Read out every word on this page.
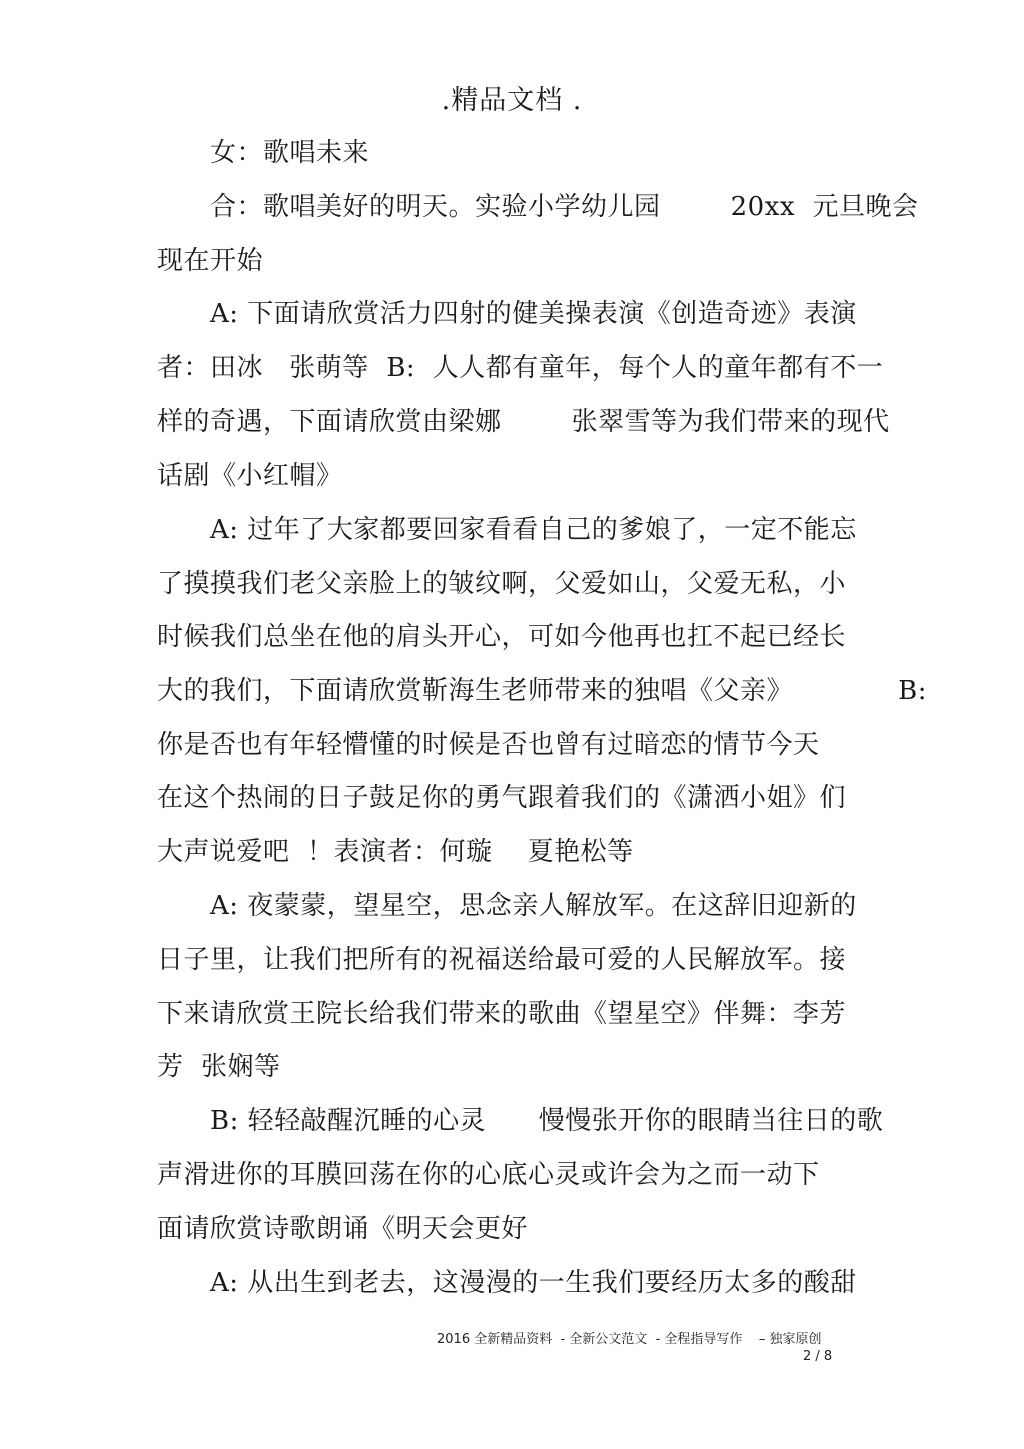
.精品文档 .
女：歌唱未来
合：歌唱美好的明天。实验小学幼儿园        20xx  元旦晚会
现在开始
A: 下面请欣赏活力四射的健美操表演《创造奇迹》表演
者：田冰   张萌等  B:  人人都有童年，每个人的童年都有不一
样的奇遇，下面请欣赏由梁娜        张翠雪等为我们带来的现代
话剧《小红帽》
A: 过年了大家都要回家看看自己的爹娘了，一定不能忘
了摸摸我们老父亲脸上的皱纹啊，父爱如山，父爱无私，小
时候我们总坐在他的肩头开心，可如今他再也扛不起已经长
大的我们，下面请欣赏靳海生老师带来的独唱《父亲》            B:
你是否也有年轻懵懂的时候是否也曾有过暗恋的情节今天
在这个热闹的日子鼓足你的勇气跟着我们的《潇洒小姐》们
大声说爱吧  ！表演者：何璇    夏艳松等
A: 夜蒙蒙，望星空，思念亲人解放军。在这辞旧迎新的
日子里，让我们把所有的祝福送给最可爱的人民解放军。接
下来请欣赏王院长给我们带来的歌曲《望星空》伴舞：李芳
芳  张娴等
B: 轻轻敲醒沉睡的心灵      慢慢张开你的眼睛当往日的歌
声滑进你的耳膜回荡在你的心底心灵或许会为之而一动下
面请欣赏诗歌朗诵《明天会更好
A: 从出生到老去，这漫漫的一生我们要经历太多的酸甜
2016 全新精品资料  - 全新公文范文  - 全程指导写作    – 独家原创
2 / 8
